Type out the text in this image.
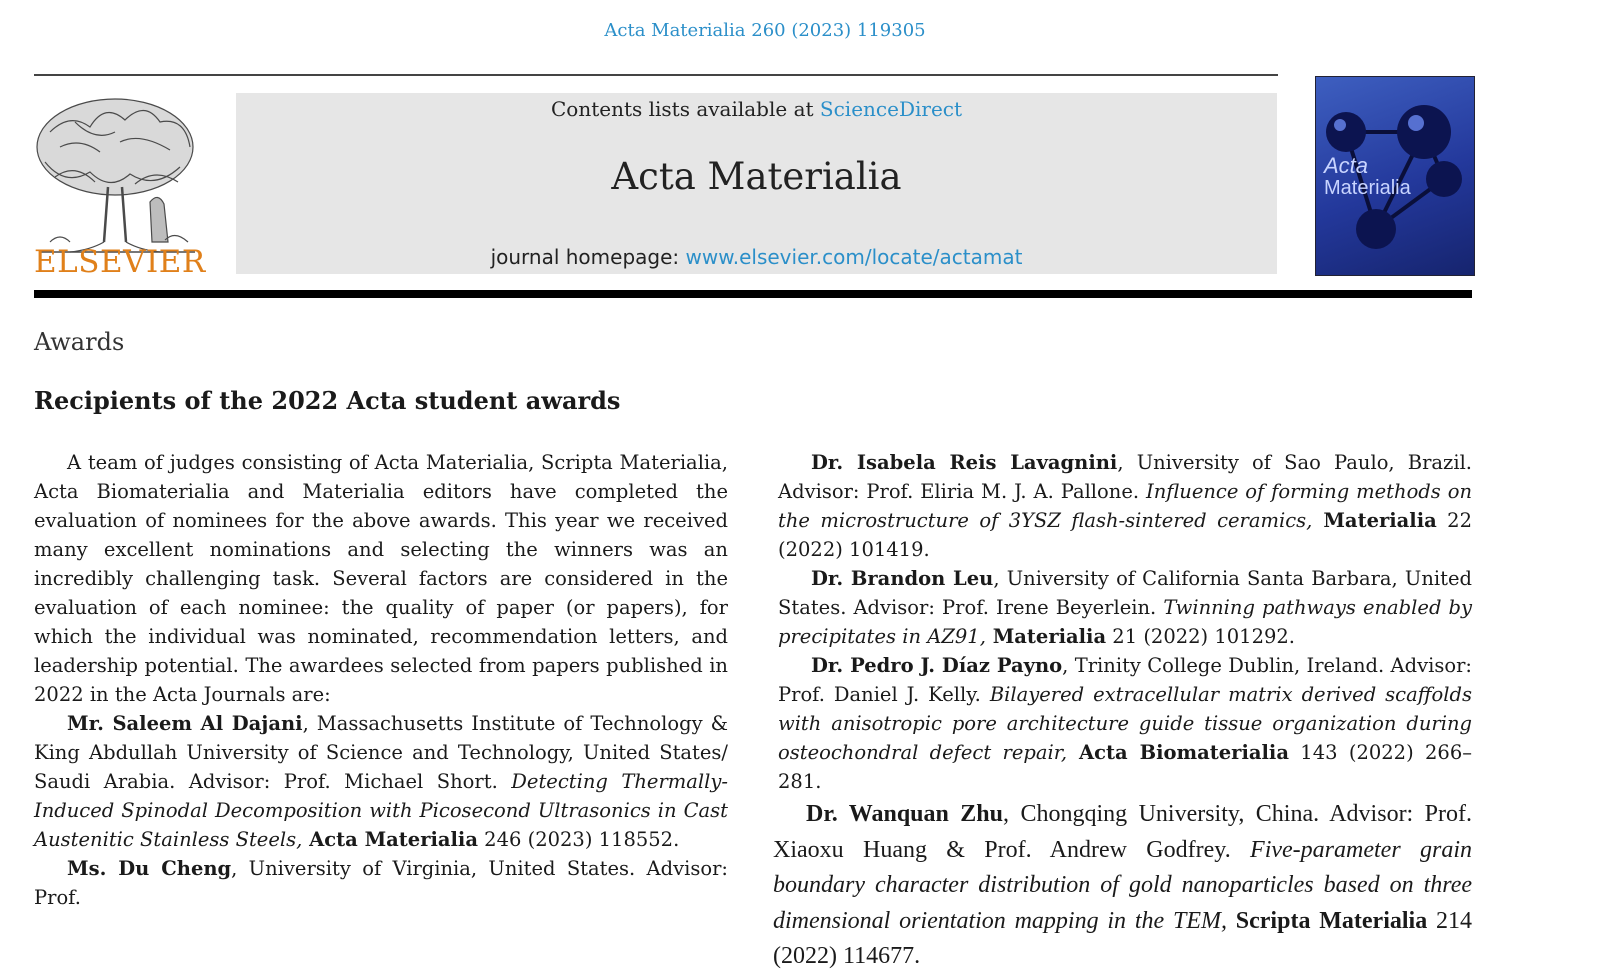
Acta Materialia 260 (2023) 119305
ELSEVIER
Contents lists available at ScienceDirect
Acta Materialia
journal homepage: www.elsevier.com/locate/actamat
Acta
Materialia
Awards
Recipients of the 2022 Acta student awards

A team of judges consisting of Acta Materialia, Scripta Materialia, Acta Biomaterialia and Materialia editors have completed the evaluation of nominees for the above awards. This year we received many excellent nominations and selecting the winners was an incredibly challenging task. Several factors are considered in the evaluation of each nominee: the quality of paper (or papers), for which the individual was nominated, recommendation letters, and leadership potential. The awardees selected from papers published in 2022 in the Acta Journals are:

Mr. Saleem Al Dajani, Massachusetts Institute of Technology & King Abdullah University of Science and Technology, United States/ Saudi Arabia. Advisor: Prof. Michael Short. Detecting Thermally-Induced Spinodal Decomposition with Picosecond Ultrasonics in Cast Austenitic Stainless Steels, Acta Materialia 246 (2023) 118552.

Ms. Du Cheng, University of Virginia, United States. Advisor: Prof.

Dr. Isabela Reis Lavagnini, University of Sao Paulo, Brazil. Advisor: Prof. Eliria M. J. A. Pallone. Influence of forming methods on the microstructure of 3YSZ flash-sintered ceramics, Materialia 22 (2022) 101419.

Dr. Brandon Leu, University of California Santa Barbara, United States. Advisor: Prof. Irene Beyerlein. Twinning pathways enabled by precipitates in AZ91, Materialia 21 (2022) 101292.

Dr. Pedro J. Díaz Payno, Trinity College Dublin, Ireland. Advisor: Prof. Daniel J. Kelly. Bilayered extracellular matrix derived scaffolds with anisotropic pore architecture guide tissue organization during osteochondral defect repair, Acta Biomaterialia 143 (2022) 266–281.

Dr. Wanquan Zhu, Chongqing University, China. Advisor: Prof. Xiaoxu Huang & Prof. Andrew Godfrey. Five-parameter grain boundary character distribution of gold nanoparticles based on three dimensional orientation mapping in the TEM, Scripta Materialia 214 (2022) 114677.
